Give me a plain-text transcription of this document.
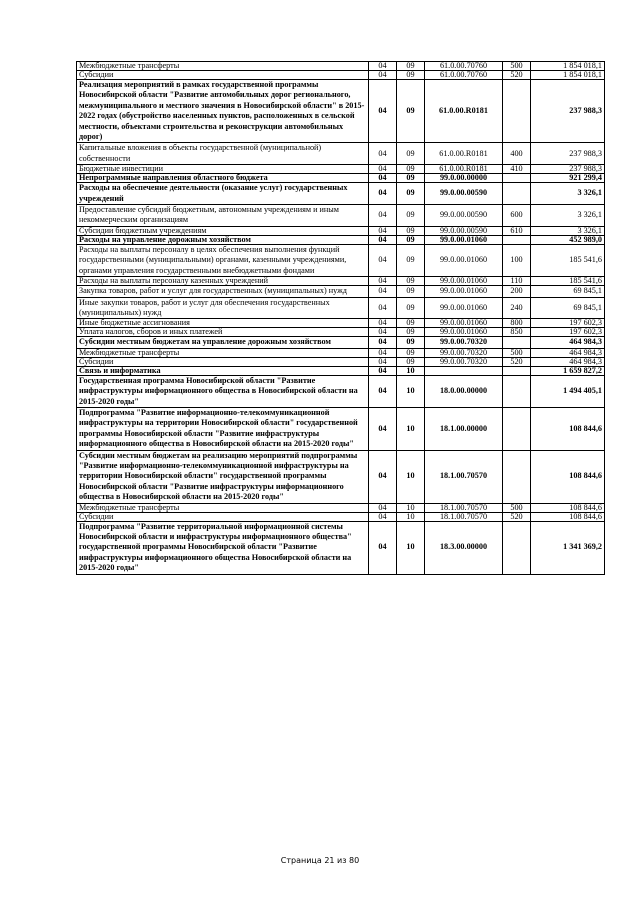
Межбюджетные трансферты	04	09	61.0.00.70760	500	1 854 018,1
Субсидии	04	09	61.0.00.70760	520	1 854 018,1
Реализация мероприятий в рамках государственной программы Новосибирской области "Развитие автомобильных дорог регионального, межмуниципального и местного значения в Новосибирской области" в 2015-2022 годах (обустройство населенных пунктов, расположенных в сельской местности, объектами строительства и реконструкции автомобильных дорог)	04	09	61.0.00.R0181		237 988,3
Капитальные вложения в объекты государственной (муниципальной) собственности	04	09	61.0.00.R0181	400	237 988,3
Бюджетные инвестиции	04	09	61.0.00.R0181	410	237 988,3
Непрограммные направления областного бюджета	04	09	99.0.00.00000		921 299,4
Расходы на обеспечение деятельности (оказание услуг) государственных учреждений	04	09	99.0.00.00590		3 326,1
Предоставление субсидий бюджетным, автономным учреждениям и иным некоммерческим организациям	04	09	99.0.00.00590	600	3 326,1
Субсидии бюджетным учреждениям	04	09	99.0.00.00590	610	3 326,1
Расходы на управление дорожным хозяйством	04	09	99.0.00.01060		452 989,0
Расходы на выплаты персоналу в целях обеспечения выполнения функций государственными (муниципальными) органами, казенными учреждениями, органами управления государственными внебюджетными фондами	04	09	99.0.00.01060	100	185 541,6
Расходы на выплаты персоналу казенных учреждений	04	09	99.0.00.01060	110	185 541,6
Закупка товаров, работ и услуг для государственных (муниципальных) нужд	04	09	99.0.00.01060	200	69 845,1
Иные закупки товаров, работ и услуг для обеспечения государственных (муниципальных) нужд	04	09	99.0.00.01060	240	69 845,1
Иные бюджетные ассигнования	04	09	99.0.00.01060	800	197 602,3
Уплата налогов, сборов и иных платежей	04	09	99.0.00.01060	850	197 602,3
Субсидии местным бюджетам на управление дорожным хозяйством	04	09	99.0.00.70320		464 984,3
Межбюджетные трансферты	04	09	99.0.00.70320	500	464 984,3
Субсидии	04	09	99.0.00.70320	520	464 984,3
Связь и информатика	04	10			1 659 827,2
Государственная программа Новосибирской области "Развитие инфраструктуры информационного общества в Новосибирской области на 2015-2020 годы"	04	10	18.0.00.00000		1 494 405,1
Подпрограмма "Развитие информационно-телекоммуникационной инфраструктуры на территории Новосибирской области" государственной программы Новосибирской области "Развитие инфраструктуры информационного общества в Новосибирской области на 2015-2020 годы"	04	10	18.1.00.00000		108 844,6
Субсидии местным бюджетам на реализацию мероприятий подпрограммы "Развитие информационно-телекоммуникационной инфраструктуры на территории Новосибирской области" государственной программы Новосибирской области "Развитие инфраструктуры информационного общества в Новосибирской области на 2015-2020 годы"	04	10	18.1.00.70570		108 844,6
Межбюджетные трансферты	04	10	18.1.00.70570	500	108 844,6
Субсидии	04	10	18.1.00.70570	520	108 844,6
Подпрограмма "Развитие территориальной информационной системы Новосибирской области и инфраструктуры информационного общества" государственной программы Новосибирской области "Развитие инфраструктуры информационного общества Новосибирской области на 2015-2020 годы"	04	10	18.3.00.00000		1 341 369,2
Страница 21 из 80
